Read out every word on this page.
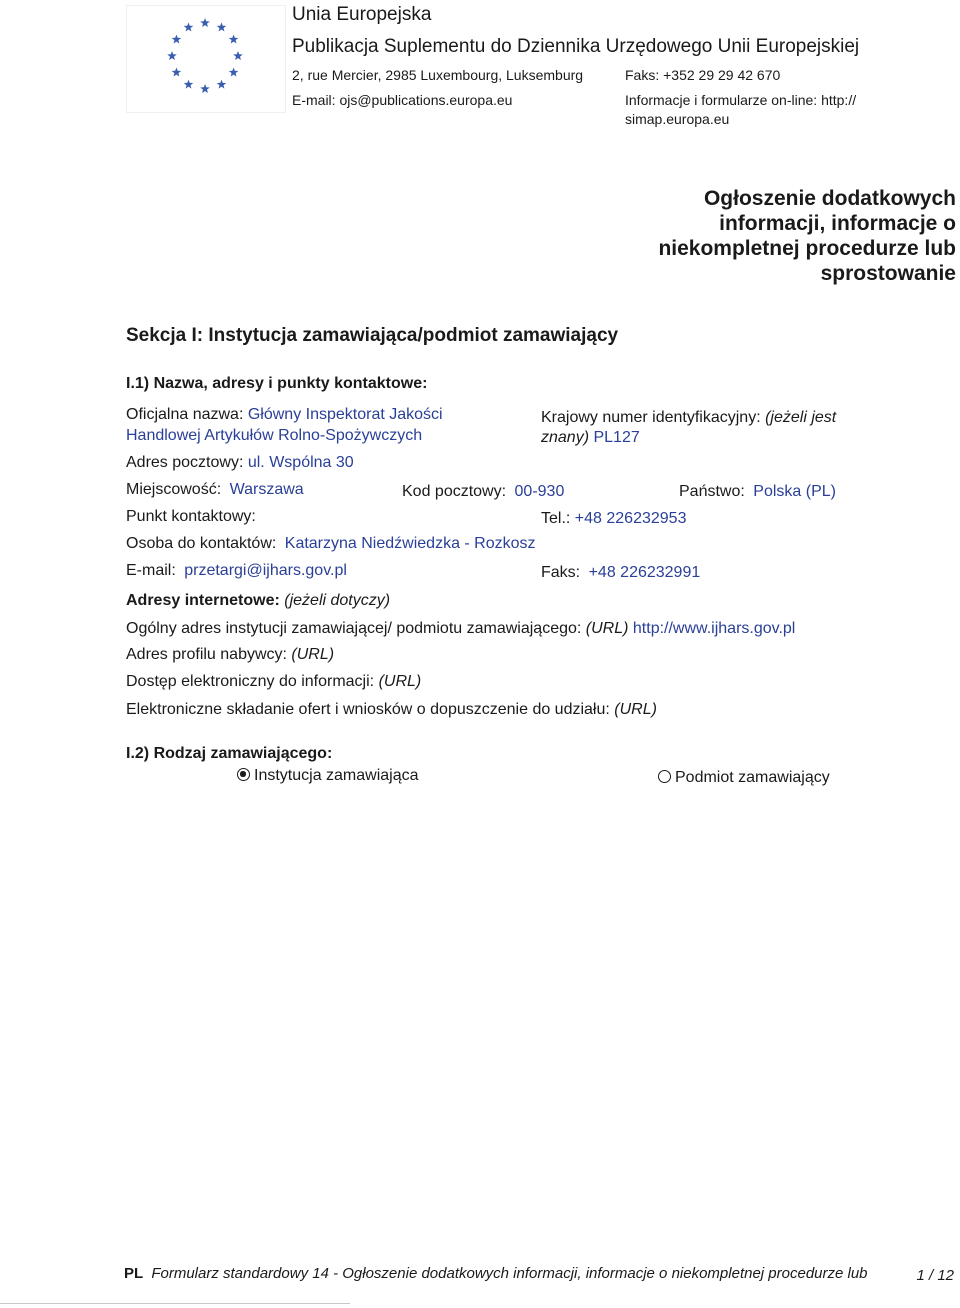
Unia Europejska
Publikacja Suplementu do Dziennika Urzędowego Unii Europejskiej
2, rue Mercier, 2985 Luxembourg, Luksemburg	Faks: +352 29 29 42 670
E-mail: ojs@publications.europa.eu	Informacje i formularze on-line: http://
simap.europa.eu
Ogłoszenie dodatkowych
informacji, informacje o
niekompletnej procedurze lub
sprostowanie
Sekcja I: Instytucja zamawiająca/podmiot zamawiający
I.1) Nazwa, adresy i punkty kontaktowe:
Oficjalna nazwa: Główny Inspektorat Jakości
Handlowej Artykułów Rolno-Spożywczych
Krajowy numer identyfikacyjny: (jeżeli jest
znany) PL127
Adres pocztowy: ul. Wspólna 30
Miejscowość: Warszawa	Kod pocztowy: 00-930	Państwo: Polska (PL)
Punkt kontaktowy:	Tel.: +48 226232953
Osoba do kontaktów: Katarzyna Niedźwiedzka - Rozkosz
E-mail: przetargi@ijhars.gov.pl	Faks: +48 226232991
Adresy internetowe: (jeżeli dotyczy)
Ogólny adres instytucji zamawiającej/ podmiotu zamawiającego: (URL) http://www.ijhars.gov.pl
Adres profilu nabywcy: (URL)
Dostęp elektroniczny do informacji: (URL)
Elektroniczne składanie ofert i wniosków o dopuszczenie do udziału: (URL)
I.2) Rodzaj zamawiającego:
Instytucja zamawiająca	Podmiot zamawiający
PL Formularz standardowy 14 - Ogłoszenie dodatkowych informacji, informacje o niekompletnej procedurze lub	1 / 12
